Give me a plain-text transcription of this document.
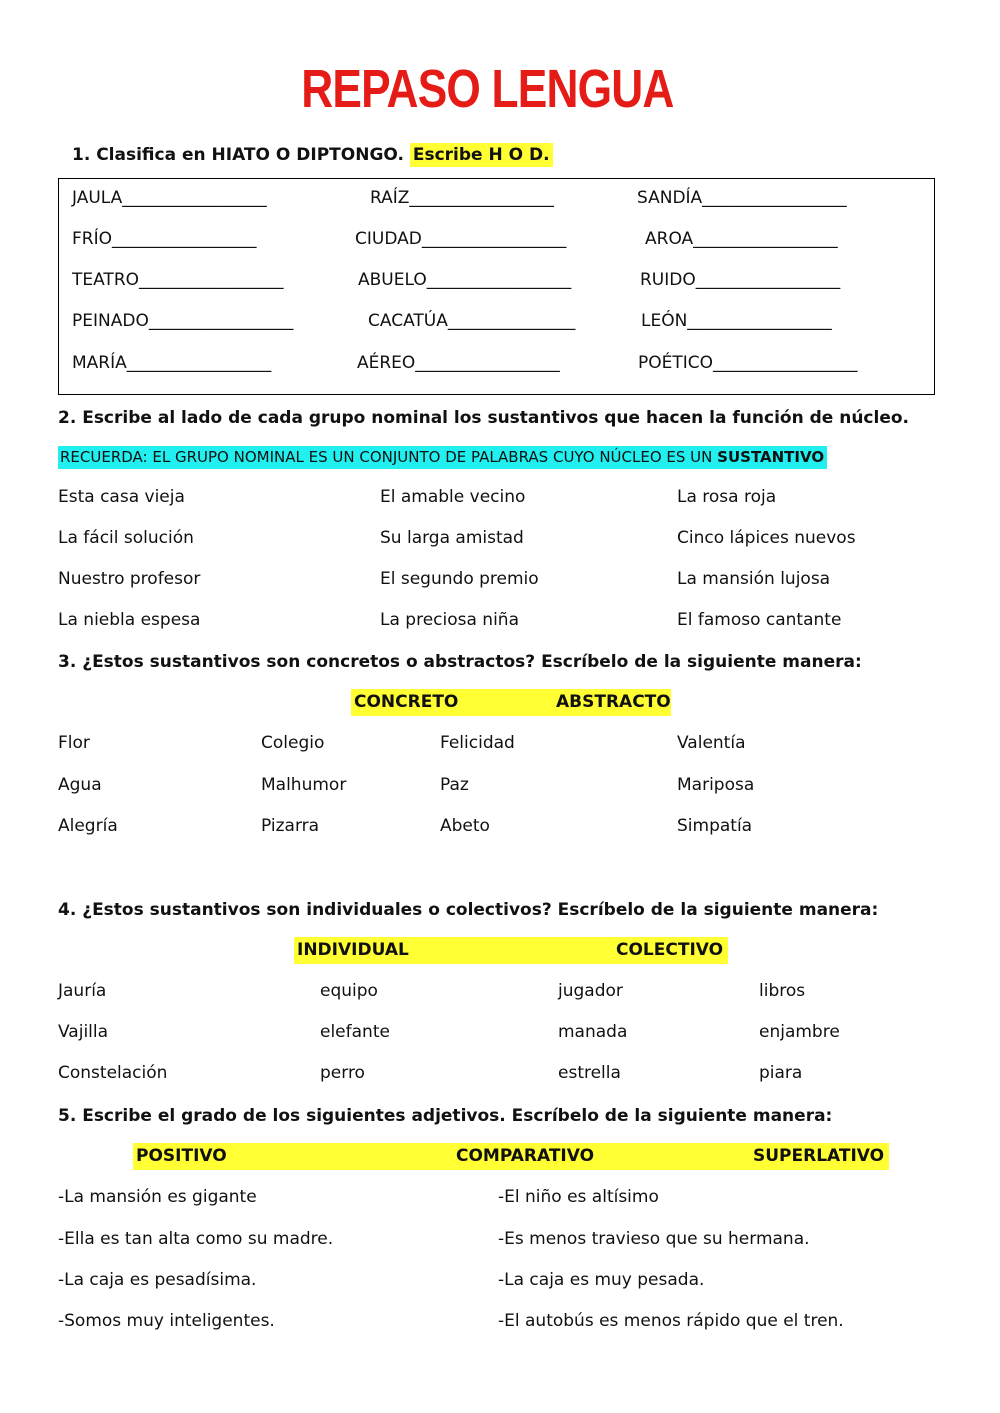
REPASO LENGUA
1. Clasifica en HIATO O DIPTONGO. Escribe H O D.
JAULA_________________	RAÍZ_________________	SANDÍA_________________
FRÍO_________________	CIUDAD_________________	AROA_________________
TEATRO_________________	ABUELO_________________	RUIDO_________________
PEINADO_________________	CACATÚA_______________	LEÓN_________________
MARÍA_________________	AÉREO_________________	POÉTICO_________________
2. Escribe al lado de cada grupo nominal los sustantivos que hacen la función de núcleo.
RECUERDA: EL GRUPO NOMINAL ES UN CONJUNTO DE PALABRAS CUYO NÚCLEO ES UN SUSTANTIVO
Esta casa vieja	El amable vecino	La rosa roja
La fácil solución	Su larga amistad	Cinco lápices nuevos
Nuestro profesor	El segundo premio	La mansión lujosa
La niebla espesa	La preciosa niña	El famoso cantante
3. ¿Estos sustantivos son concretos o abstractos? Escríbelo de la siguiente manera:
CONCRETO	ABSTRACTO
Flor	Colegio	Felicidad	Valentía
Agua	Malhumor	Paz	Mariposa
Alegría	Pizarra	Abeto	Simpatía
4. ¿Estos sustantivos son individuales o colectivos? Escríbelo de la siguiente manera:
INDIVIDUAL	COLECTIVO
Jauría	equipo	jugador	libros
Vajilla	elefante	manada	enjambre
Constelación	perro	estrella	piara
5. Escribe el grado de los siguientes adjetivos. Escríbelo de la siguiente manera:
POSITIVO	COMPARATIVO	SUPERLATIVO
-La mansión es gigante	-El niño es altísimo
-Ella es tan alta como su madre.	-Es menos travieso que su hermana.
-La caja es pesadísima.	-La caja es muy pesada.
-Somos muy inteligentes.	-El autobús es menos rápido que el tren.
